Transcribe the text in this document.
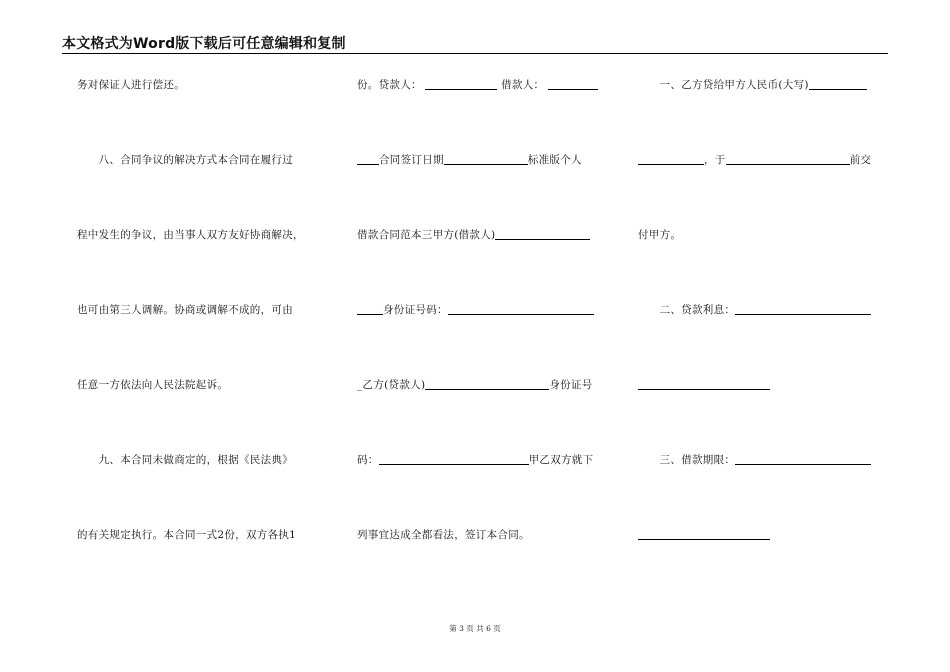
本文格式为Word版下载后可任意编辑和复制
务对保证人进行偿还。
　　八、合同争议的解决方式本合同在履行过
程中发生的争议，由当事人双方友好协商解决，
也可由第三人调解。协商或调解不成的，可由
任意一方依法向人民法院起诉。
　　九、本合同未做商定的，根据《民法典》
的有关规定执行。本合同一式2份，双方各执1
份。贷款人：	借款人：
合同签订日期	标准版个人
借款合同范本三甲方(借款人)
身份证号码：
_乙方(贷款人)	身份证号
码：	甲乙双方就下
列事宜达成全都看法，签订本合同。
　　一、乙方贷给甲方人民币(大写)
，于	前交
付甲方。
　　二、贷款利息：
　　三、借款期限：
第 3 页 共 6 页
